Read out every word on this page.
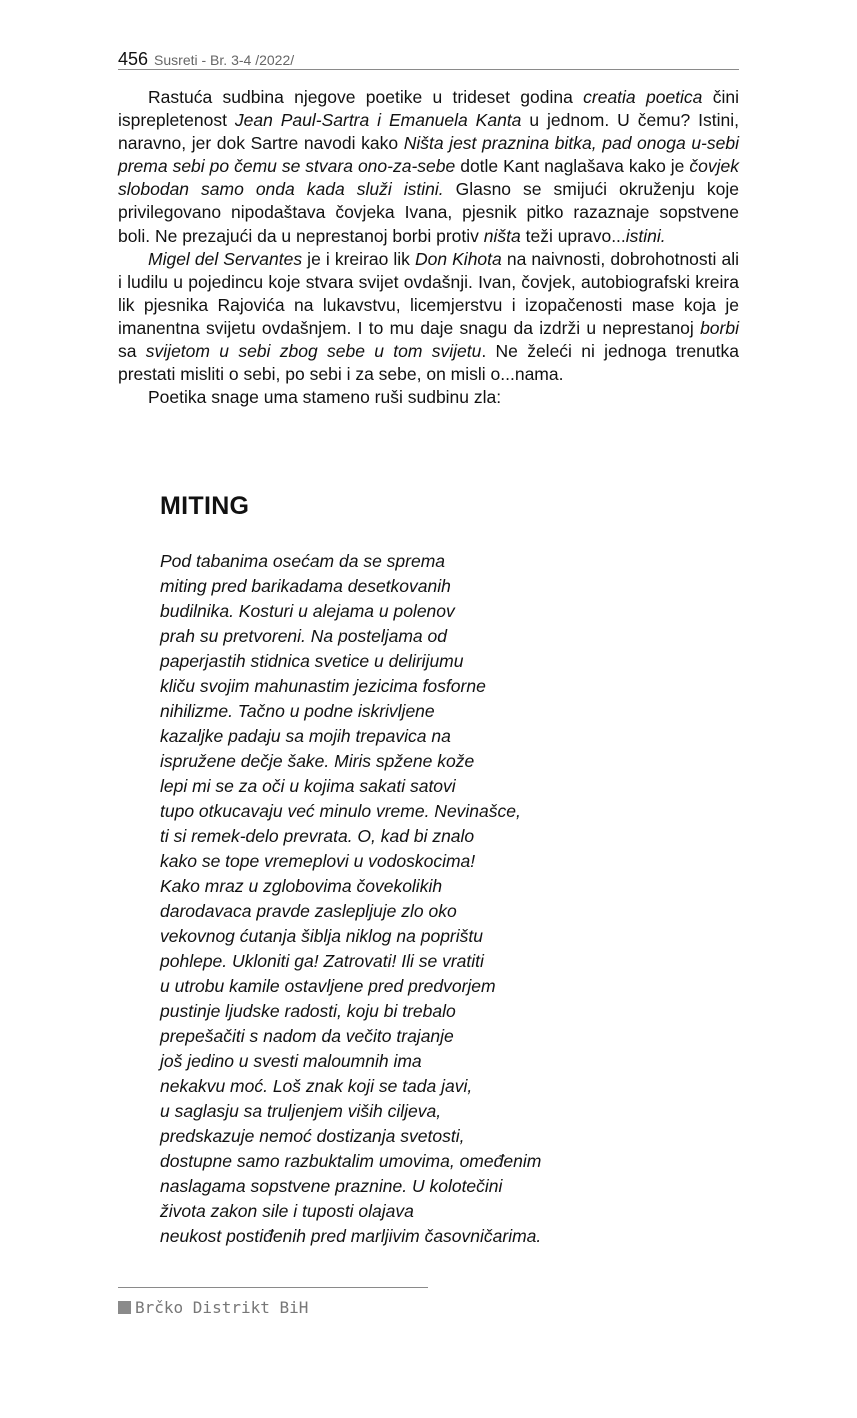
456 Susreti - Br. 3-4 /2022/

Rastuća sudbina njegove poetike u trideset godina creatia poetica čini isprepletenost Jean Paul-Sartra i Emanuela Kanta u jednom. U čemu? Istini, naravno, jer dok Sartre navodi kako Ništa jest praznina bitka, pad onoga u-sebi prema sebi po čemu se stvara ono-za-sebe dotle Kant naglašava kako je čovjek slobodan samo onda kada služi istini. Glasno se smijući okruženju koje privilegovano nipodaštava čovjeka Ivana, pjesnik pitko razaznaje sopstvene boli. Ne prezajući da u neprestanoj borbi protiv ništa teži upravo...istini.

Migel del Servantes je i kreirao lik Don Kihota na naivnosti, dobrohotnosti ali i ludilu u pojedincu koje stvara svijet ovdašnji. Ivan, čovjek, autobiografski kreira lik pjesnika Rajovića na lukavstvu, licemjerstvu i izopačenosti mase koja je imanentna svijetu ovdašnjem. I to mu daje snagu da izdrži u neprestanoj borbi sa svijetom u sebi zbog sebe u tom svijetu. Ne želeći ni jednoga trenutka prestati misliti o sebi, po sebi i za sebe, on misli o...nama.

Poetika snage uma stameno ruši sudbinu zla:

MITING
Pod tabanima osećam da se sprema
miting pred barikadama desetkovanih
budilnika. Kosturi u alejama u polenov
prah su pretvoreni. Na posteljama od
paperjastih stidnica svetice u delirijumu
kliču svojim mahunastim jezicima fosforne
nihilizme. Tačno u podne iskrivljene
kazaljke padaju sa mojih trepavica na
ispružene dečje šake. Miris spžene kože
lepi mi se za oči u kojima sakati satovi
tupo otkucavaju već minulo vreme. Nevinašce,
ti si remek-delo prevrata. O, kad bi znalo
kako se tope vremeplovi u vodoskocima!
Kako mraz u zglobovima čovekolikih
darodavaca pravde zaslepljuje zlo oko
vekovnog ćutanja šiblja niklog na poprištu
pohlepe. Ukloniti ga! Zatrovati! Ili se vratiti
u utrobu kamile ostavljene pred predvorjem
pustinje ljudske radosti, koju bi trebalo
prepešačiti s nadom da večito trajanje
još jedino u svesti maloumnih ima
nekakvu moć. Loš znak koji se tada javi,
u saglasju sa truljenjem viših ciljeva,
predskazuje nemoć dostizanja svetosti,
dostupne samo razbuktalim umovima, omeđenim
naslagama sopstvene praznine. U kolotečini
života zakon sile i tuposti olajava
neukost postiđenih pred marljivim časovničarima.
Brčko Distrikt BiH
